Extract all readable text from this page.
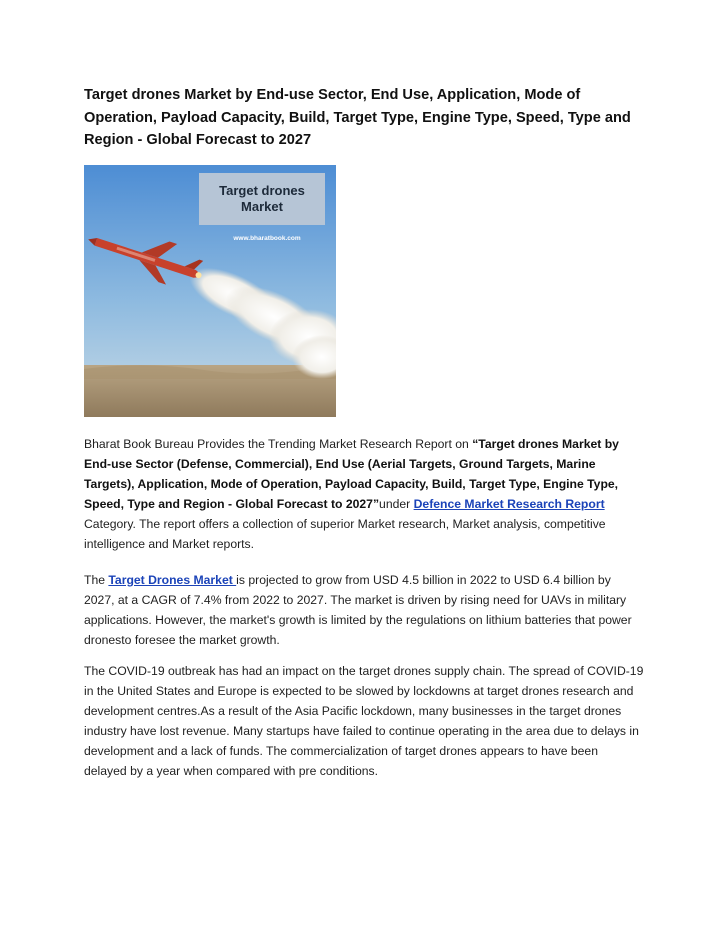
Target drones Market by End-use Sector, End Use, Application, Mode of Operation, Payload Capacity, Build, Target Type, Engine Type, Speed, Type and Region - Global Forecast to 2027
Target drones
Market
www.bharatbook.com

Bharat Book Bureau Provides the Trending Market Research Report on “Target drones Market by End-use Sector (Defense, Commercial), End Use (Aerial Targets, Ground Targets, Marine Targets), Application, Mode of Operation, Payload Capacity, Build, Target Type, Engine Type, Speed, Type and Region - Global Forecast to 2027”under Defence Market Research Report Category. The report offers a collection of superior Market research, Market analysis, competitive intelligence and Market reports.

The Target Drones Market is projected to grow from USD 4.5 billion in 2022 to USD 6.4 billion by 2027, at a CAGR of 7.4% from 2022 to 2027. The market is driven by rising need for UAVs in military applications. However, the market's growth is limited by the regulations on lithium batteries that power dronesto foresee the market growth.

The COVID-19 outbreak has had an impact on the target drones supply chain. The spread of COVID-19 in the United States and Europe is expected to be slowed by lockdowns at target drones research and development centres.As a result of the Asia Pacific lockdown, many businesses in the target drones industry have lost revenue. Many startups have failed to continue operating in the area due to delays in development and a lack of funds. The commercialization of target drones appears to have been delayed by a year when compared with pre conditions.
